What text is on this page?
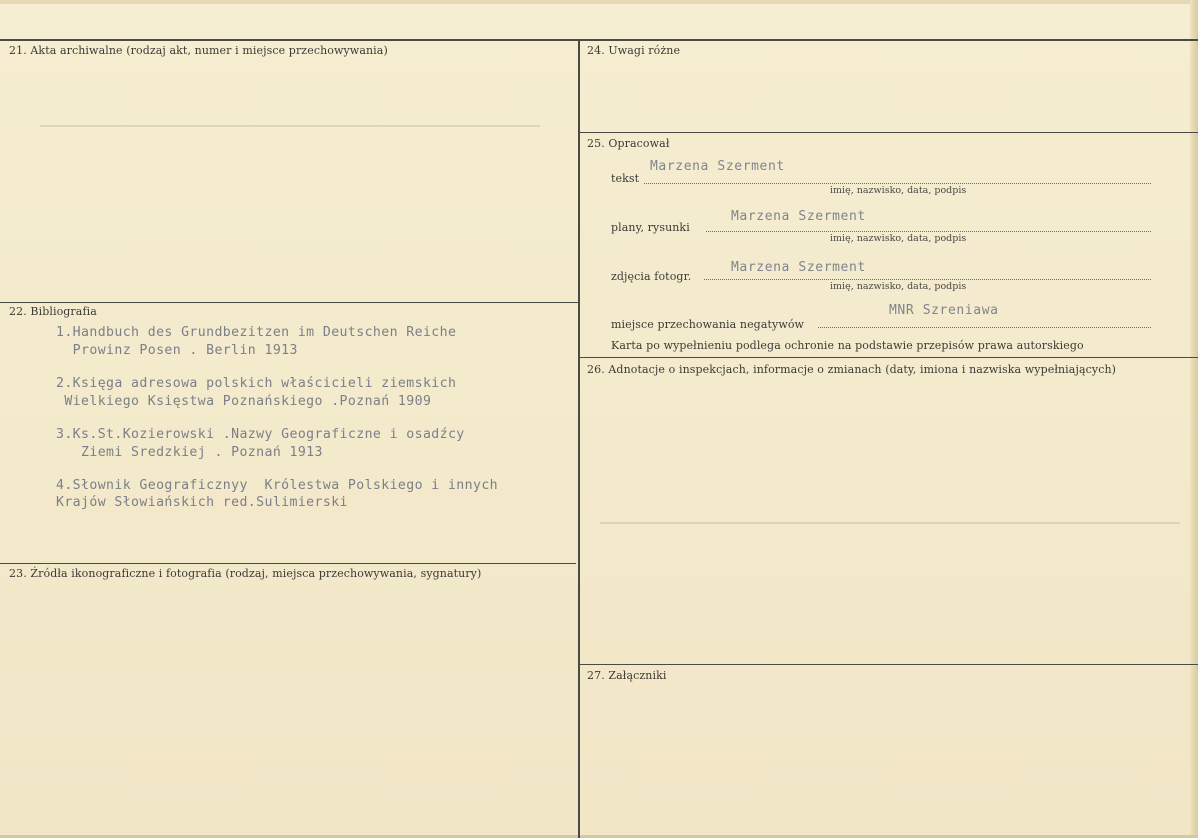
21. Akta archiwalne (rodzaj akt, numer i miejsce przechowywania)
22. Bibliografia
1.Handbuch des Grundbezitzen im Deutschen Reiche
Prowinz Posen . Berlin 1913
2.Księga adresowa polskich właścicieli ziemskich
Wielkiego Księstwa Poznańskiego .Poznań 1909
3.Ks.St.Kozierowski .Nazwy Geograficzne i osadźcy
Ziemi Sredzkiej . Poznań 1913
4.Słownik Geograficznyy  Królestwa Polskiego i innych
Krajów Słowiańskich red.Sulimierski
23. Źródła ikonograficzne i fotografia (rodzaj, miejsca przechowywania, sygnatury)
24. Uwagi różne
25. Opracował
Marzena Szerment
tekst
imię, nazwisko, data, podpis
Marzena Szerment
plany, rysunki
imię, nazwisko, data, podpis
Marzena Szerment
zdjęcia fotogr.
imię, nazwisko, data, podpis
MNR Szreniawa
miejsce przechowania negatywów
Karta po wypełnieniu podlega ochronie na podstawie przepisów prawa autorskiego
26. Adnotacje o inspekcjach, informacje o zmianach (daty, imiona i nazwiska wypełniających)
27. Załączniki
